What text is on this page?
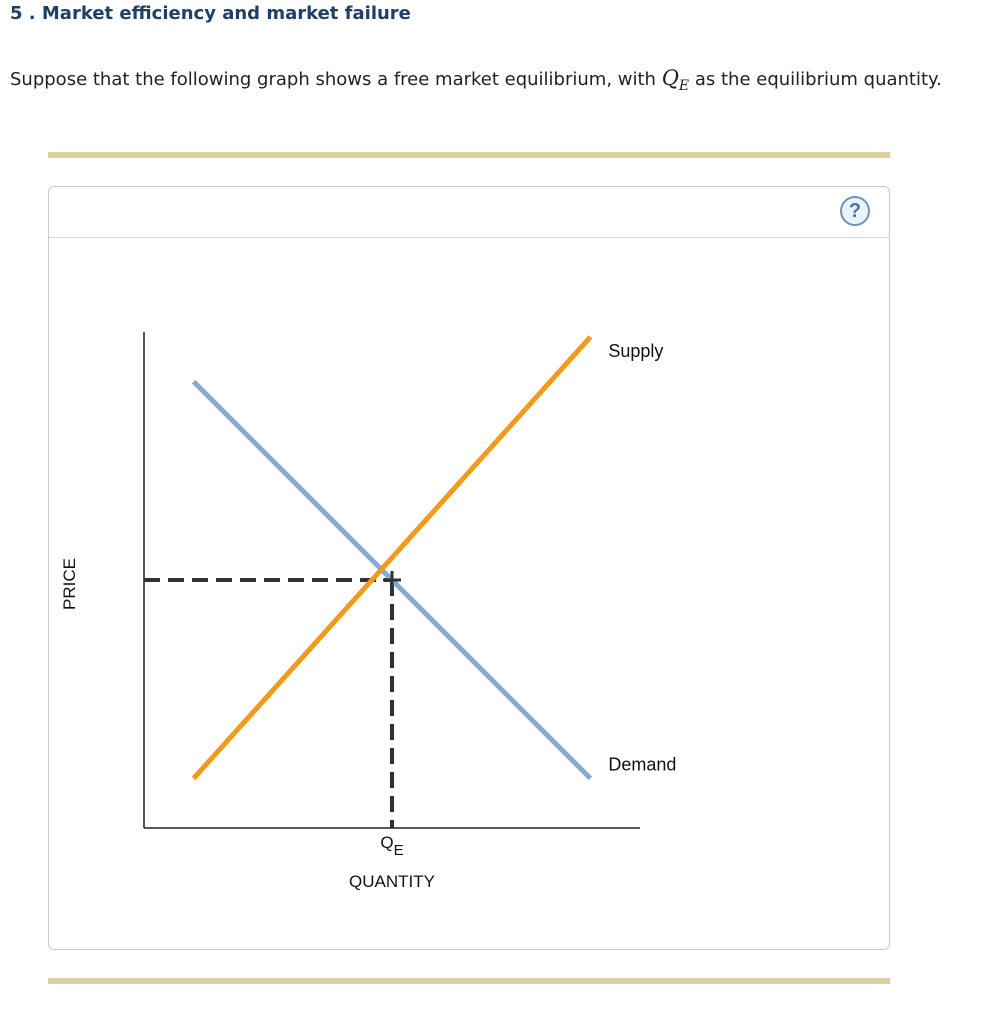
5 . Market efficiency and market failure
Suppose that the following graph shows a free market equilibrium, with $Q_E$ as the equilibrium quantity.
?
Supply
Demand
QE
QUANTITY
PRICE
